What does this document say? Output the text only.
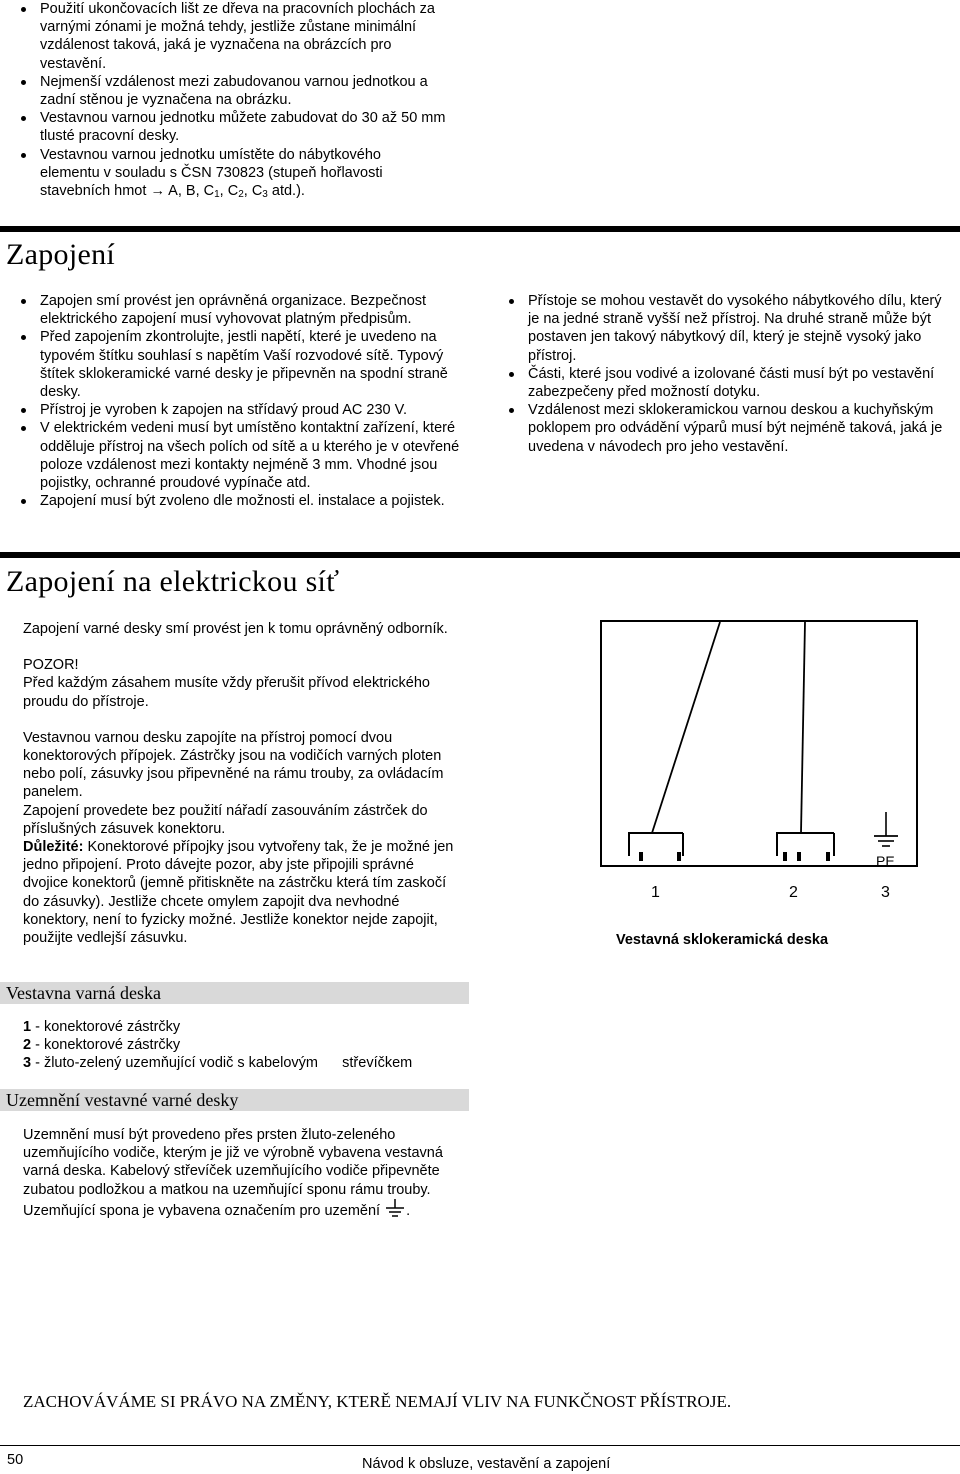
Použití ukončovacích lišt ze dřeva na pracovních plochách za varnými zónami je možná tehdy, jestliže zůstane minimální vzdálenost taková, jaká je vyznačena na obrázcích pro vestavění.
Nejmenší vzdálenost mezi zabudovanou varnou jednotkou a zadní stěnou je vyznačena na obrázku.
Vestavnou varnou jednotku můžete zabudovat do 30 až 50 mm tlusté pracovní desky.
Vestavnou varnou jednotku umístěte do nábytkového
elementu v souladu s ČSN 730823 (stupeň hořlavosti
stavebních hmot → A, B, $C_1$, $C_2$, $C_3$ atd.).
Zapojení
Zapojen smí provést jen oprávněná organizace. Bezpečnost elektrického zapojení musí vyhovovat platným předpisům.
Před zapojením zkontrolujte, jestli napětí, které je uvedeno na typovém štítku souhlasí s napětím Vaší rozvodové sítě. Typový štítek sklokeramické varné desky je připevněn na spodní straně desky.
Přístroj je vyroben k zapojen na střídavý proud AC 230 V.
V elektrickém vedeni musí byt umístěno kontaktní zařízení, které odděluje přístroj na všech polích od sítě a u kterého je v otevřené poloze vzdálenost mezi kontakty nejméně 3 mm. Vhodné jsou pojistky, ochranné proudové vypínače atd.
Zapojení musí být zvoleno dle možnosti el. instalace a pojistek.
Přístoje se mohou vestavět do vysokého nábytkového dílu, který je na jedné straně vyšší než přístroj. Na druhé straně může být postaven jen takový nábytkový díl, který je stejně vysoký jako přístroj.
Části, které jsou vodivé a izolované části musí být po vestavění zabezpečeny před možností dotyku.
Vzdálenost mezi sklokeramickou varnou deskou a kuchyňským poklopem pro odvádění výparů musí být nejméně taková, jaká je uvedena v návodech pro jeho vestavění.
Zapojení na elektrickou síť

Zapojení varné desky smí provést jen k tomu oprávněný odborník.

POZOR!

Před každým zásahem musíte vždy přerušit přívod elektrického proudu do přístroje.

Vestavnou varnou desku zapojíte na přístroj pomocí dvou konektorových přípojek. Zástrčky jsou na vodičích varných ploten nebo polí, zásuvky jsou připevněné na rámu trouby, za ovládacím panelem.

Zapojení provedete bez použití nářadí zasouváním zástrček do příslušných zásuvek konektoru.

Důležité: Konektorové přípojky jsou vytvořeny tak, že je možné jen jedno připojení. Proto dávejte pozor, aby jste připojili správné dvojice konektorů (jemně přitiskněte na zástrčku která tím zaskočí do zásuvky). Jestliže chcete omylem zapojit dva nevhodné konektory, není to fyzicky možné. Jestliže konektor nejde zapojit, použijte vedlejší zásuvku.

PE
1	2	3
Vestavná sklokeramická deska
Vestavna varná deska

1 - konektorové zástrčky

2 - konektorové zástrčky

3 - žluto-zelený uzemňující vodič s kabelovým      střevíčkem

Uzemnění vestavné varné desky

Uzemnění musí být provedeno přes prsten žluto-zeleného uzemňujícího vodiče, kterým je již ve výrobně vybavena vestavná varná deska. Kabelový střevíček uzemňujícího vodiče připevněte zubatou podložkou a matkou na uzemňující sponu rámu trouby. Uzemňující spona je vybavena označením pro uzemění .

ZACHOVÁVÁME SI PRÁVO NA ZMĚNY, KTERĚ NEMAJÍ VLIV NA FUNKČNOST PŘÍSTROJE.
50	Návod k obsluze, vestavění a zapojení
